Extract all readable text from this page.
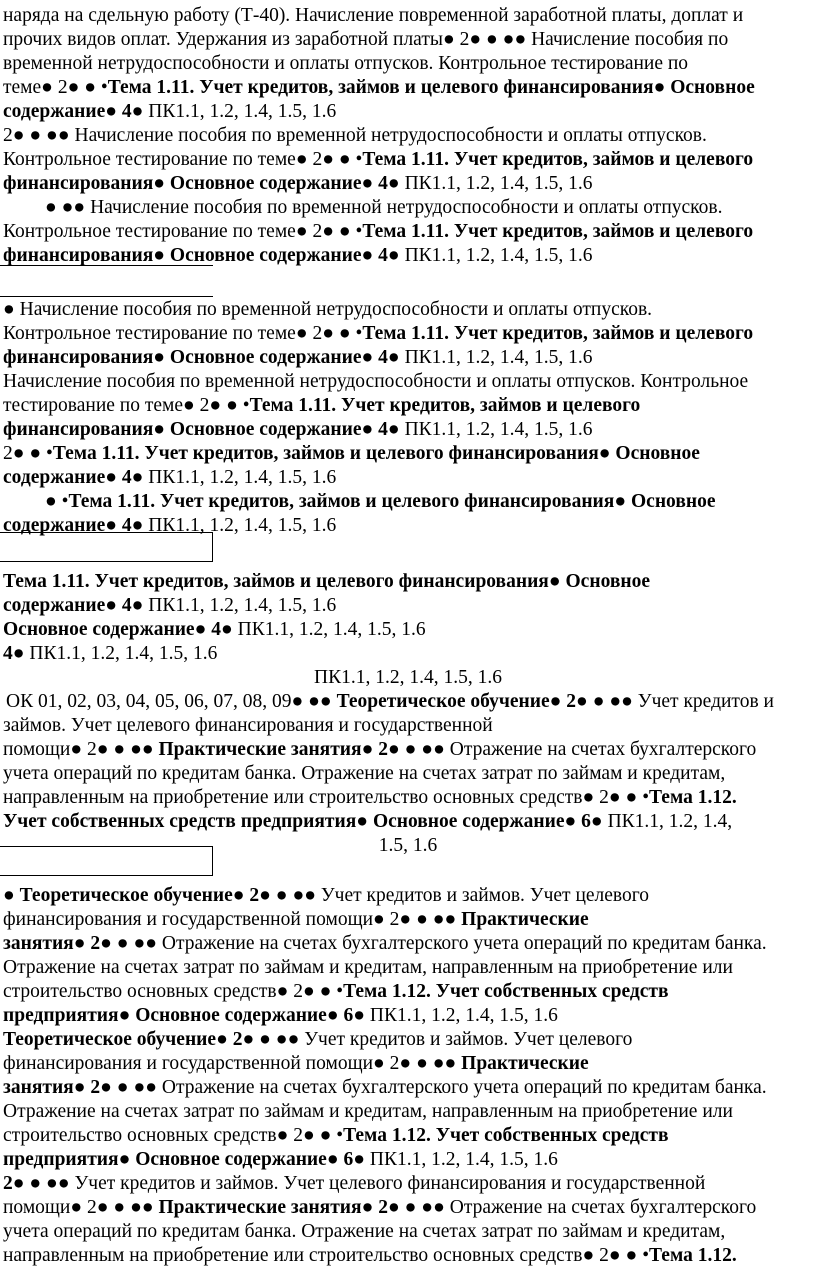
наряда на сдельную работу (Т-40). Начисление повременной заработной платы, доплат и
прочих видов оплат. Удержания из заработной платы● 2● ● ●● Начисление пособия по
временной нетрудоспособности и оплаты отпусков. Контрольное тестирование по
теме● 2● ● •Тема 1.11. Учет кредитов, займов и целевого финансирования● Основное
содержание● 4● ПК1.1, 1.2, 1.4, 1.5, 1.6
2● ● ●● Начисление пособия по временной нетрудоспособности и оплаты отпусков.
Контрольное тестирование по теме● 2● ● •Тема 1.11. Учет кредитов, займов и целевого
финансирования● Основное содержание● 4● ПК1.1, 1.2, 1.4, 1.5, 1.6
● ●● Начисление пособия по временной нетрудоспособности и оплаты отпусков.
Контрольное тестирование по теме● 2● ● •Тема 1.11. Учет кредитов, займов и целевого
финансирования● Основное содержание● 4● ПК1.1, 1.2, 1.4, 1.5, 1.6
● Начисление пособия по временной нетрудоспособности и оплаты отпусков.
Контрольное тестирование по теме● 2● ● •Тема 1.11. Учет кредитов, займов и целевого
финансирования● Основное содержание● 4● ПК1.1, 1.2, 1.4, 1.5, 1.6
Начисление пособия по временной нетрудоспособности и оплаты отпусков. Контрольное
тестирование по теме● 2● ● •Тема 1.11. Учет кредитов, займов и целевого
финансирования● Основное содержание● 4● ПК1.1, 1.2, 1.4, 1.5, 1.6
2● ● •Тема 1.11. Учет кредитов, займов и целевого финансирования● Основное
содержание● 4● ПК1.1, 1.2, 1.4, 1.5, 1.6
● •Тема 1.11. Учет кредитов, займов и целевого финансирования● Основное
содержание● 4● ПК1.1, 1.2, 1.4, 1.5, 1.6
Тема 1.11. Учет кредитов, займов и целевого финансирования● Основное
содержание● 4● ПК1.1, 1.2, 1.4, 1.5, 1.6
Основное содержание● 4● ПК1.1, 1.2, 1.4, 1.5, 1.6
4● ПК1.1, 1.2, 1.4, 1.5, 1.6
ПК1.1, 1.2, 1.4, 1.5, 1.6
ОК 01, 02, 03, 04, 05, 06, 07, 08, 09● ●● Теоретическое обучение● 2● ● ●● Учет кредитов и
займов. Учет целевого финансирования и государственной
помощи● 2● ● ●● Практические занятия● 2● ● ●● Отражение на счетах бухгалтерского
учета операций по кредитам банка. Отражение на счетах затрат по займам и кредитам,
направленным на приобретение или строительство основных средств● 2● ● •Тема 1.12.
Учет собственных средств предприятия● Основное содержание● 6● ПК1.1, 1.2, 1.4,
1.5, 1.6
● Теоретическое обучение● 2● ● ●● Учет кредитов и займов. Учет целевого
финансирования и государственной помощи● 2● ● ●● Практические
занятия● 2● ● ●● Отражение на счетах бухгалтерского учета операций по кредитам банка.
Отражение на счетах затрат по займам и кредитам, направленным на приобретение или
строительство основных средств● 2● ● •Тема 1.12. Учет собственных средств
предприятия● Основное содержание● 6● ПК1.1, 1.2, 1.4, 1.5, 1.6
Теоретическое обучение● 2● ● ●● Учет кредитов и займов. Учет целевого
финансирования и государственной помощи● 2● ● ●● Практические
занятия● 2● ● ●● Отражение на счетах бухгалтерского учета операций по кредитам банка.
Отражение на счетах затрат по займам и кредитам, направленным на приобретение или
строительство основных средств● 2● ● •Тема 1.12. Учет собственных средств
предприятия● Основное содержание● 6● ПК1.1, 1.2, 1.4, 1.5, 1.6
2● ● ●● Учет кредитов и займов. Учет целевого финансирования и государственной
помощи● 2● ● ●● Практические занятия● 2● ● ●● Отражение на счетах бухгалтерского
учета операций по кредитам банка. Отражение на счетах затрат по займам и кредитам,
направленным на приобретение или строительство основных средств● 2● ● •Тема 1.12.
